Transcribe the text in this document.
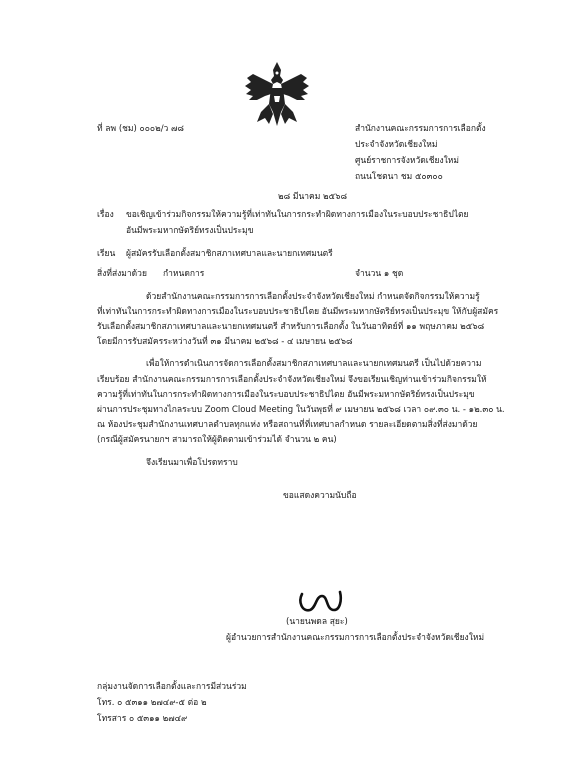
ที่ ลพ (ชม) ๐๐๐๒/ว ๗๘	สำนักงานคณะกรรมการการเลือกตั้ง
ประจำจังหวัดเชียงใหม่
ศูนย์ราชการจังหวัดเชียงใหม่
ถนนโชตนา ชม ๕๐๓๐๐
๒๘ มีนาคม ๒๕๖๘
เรื่อง ขอเชิญเข้าร่วมกิจกรรมให้ความรู้ที่เท่าทันในการกระทำผิดทางการเมืองในระบอบประชาธิปไตย
อันมีพระมหากษัตริย์ทรงเป็นประมุข
เรียน ผู้สมัครรับเลือกตั้งสมาชิกสภาเทศบาลและนายกเทศมนตรี
สิ่งที่ส่งมาด้วย กำหนดการ	จำนวน ๑ ชุด
ด้วยสำนักงานคณะกรรมการการเลือกตั้งประจำจังหวัดเชียงใหม่ กำหนดจัดกิจกรรมให้ความรู้
ที่เท่าทันในการกระทำผิดทางการเมืองในระบอบประชาธิปไตย อันมีพระมหากษัตริย์ทรงเป็นประมุข ให้กับผู้สมัคร
รับเลือกตั้งสมาชิกสภาเทศบาลและนายกเทศมนตรี สำหรับการเลือกตั้ง ในวันอาทิตย์ที่ ๑๑ พฤษภาคม ๒๕๖๘
โดยมีการรับสมัครระหว่างวันที่ ๓๑ มีนาคม ๒๕๖๘ - ๔ เมษายน ๒๕๖๘
เพื่อให้การดำเนินการจัดการเลือกตั้งสมาชิกสภาเทศบาลและนายกเทศมนตรี เป็นไปด้วยความ
เรียบร้อย สำนักงานคณะกรรมการการเลือกตั้งประจำจังหวัดเชียงใหม่ จึงขอเรียนเชิญท่านเข้าร่วมกิจกรรมให้
ความรู้ที่เท่าทันในการกระทำผิดทางการเมืองในระบอบประชาธิปไตย อันมีพระมหากษัตริย์ทรงเป็นประมุข
ผ่านการประชุมทางไกลระบบ Zoom Cloud Meeting ในวันพุธที่ ๙ เมษายน ๒๕๖๘ เวลา ๐๙.๓๐ น. - ๑๒.๓๐ น.
ณ ห้องประชุมสำนักงานเทศบาลตำบลทุกแห่ง หรือสถานที่ที่เทศบาลกำหนด รายละเอียดตามสิ่งที่ส่งมาด้วย
(กรณีผู้สมัครนายกฯ สามารถให้ผู้ติดตามเข้าร่วมได้ จำนวน ๒ คน)
จึงเรียนมาเพื่อโปรดทราบ
ขอแสดงความนับถือ
(นายนพดล สุยะ)
ผู้อำนวยการสำนักงานคณะกรรมการการเลือกตั้งประจำจังหวัดเชียงใหม่
กลุ่มงานจัดการเลือกตั้งและการมีส่วนร่วม
โทร. ๐ ๕๓๑๑ ๒๗๔๙-๕ ต่อ ๒
โทรสาร ๐ ๕๓๑๑ ๒๗๔๙
